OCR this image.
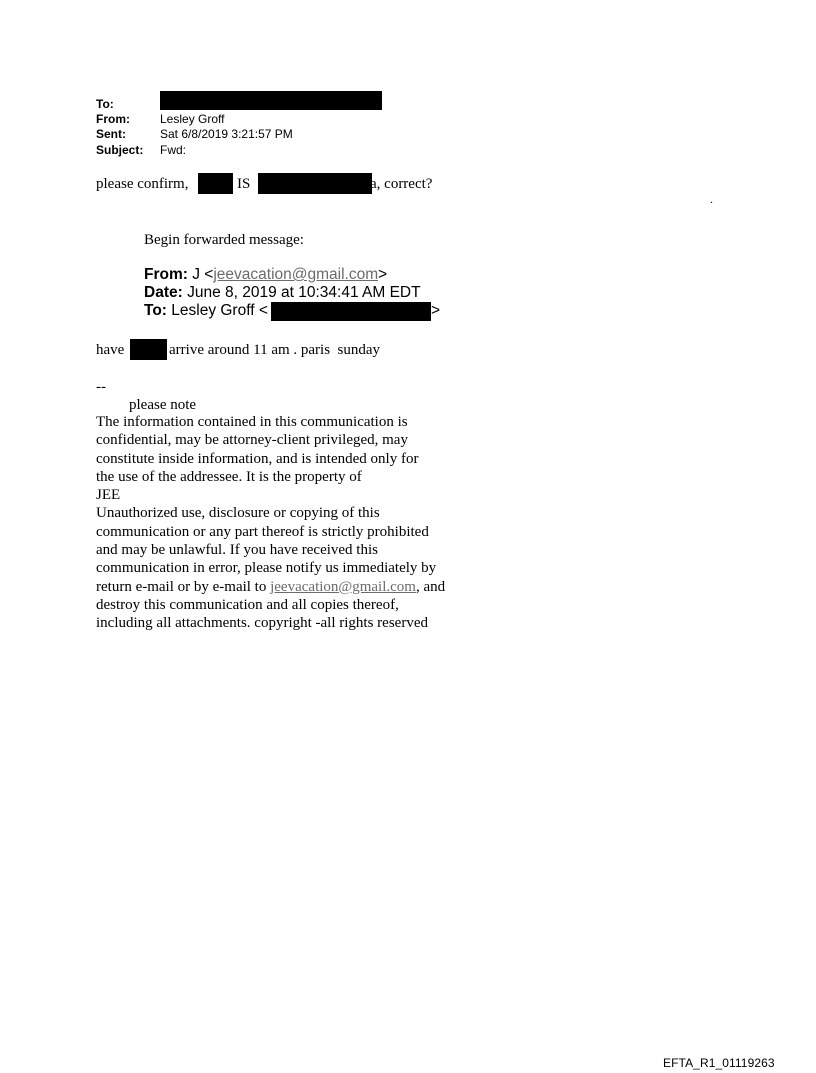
To:
From:	Lesley Groff
Sent:	Sat 6/8/2019 3:21:57 PM
Subject: Fwd:
please confirm,	IS	a, correct?
.
Begin forwarded message:
From: J <jeevacation@gmail.com>
Date: June 8, 2019 at 10:34:41 AM EDT
To: Lesley Groff <	>
have	arrive around 11 am . paris  sunday
--
please note

The information contained in this communication is

confidential, may be attorney-client privileged, may

constitute inside information, and is intended only for

the use of the addressee. It is the property of

JEE

Unauthorized use, disclosure or copying of this

communication or any part thereof is strictly prohibited

and may be unlawful. If you have received this

communication in error, please notify us immediately by

return e-mail or by e-mail to jeevacation@gmail.com, and

destroy this communication and all copies thereof,

including all attachments. copyright -all rights reserved

EFTA_R1_01119263
